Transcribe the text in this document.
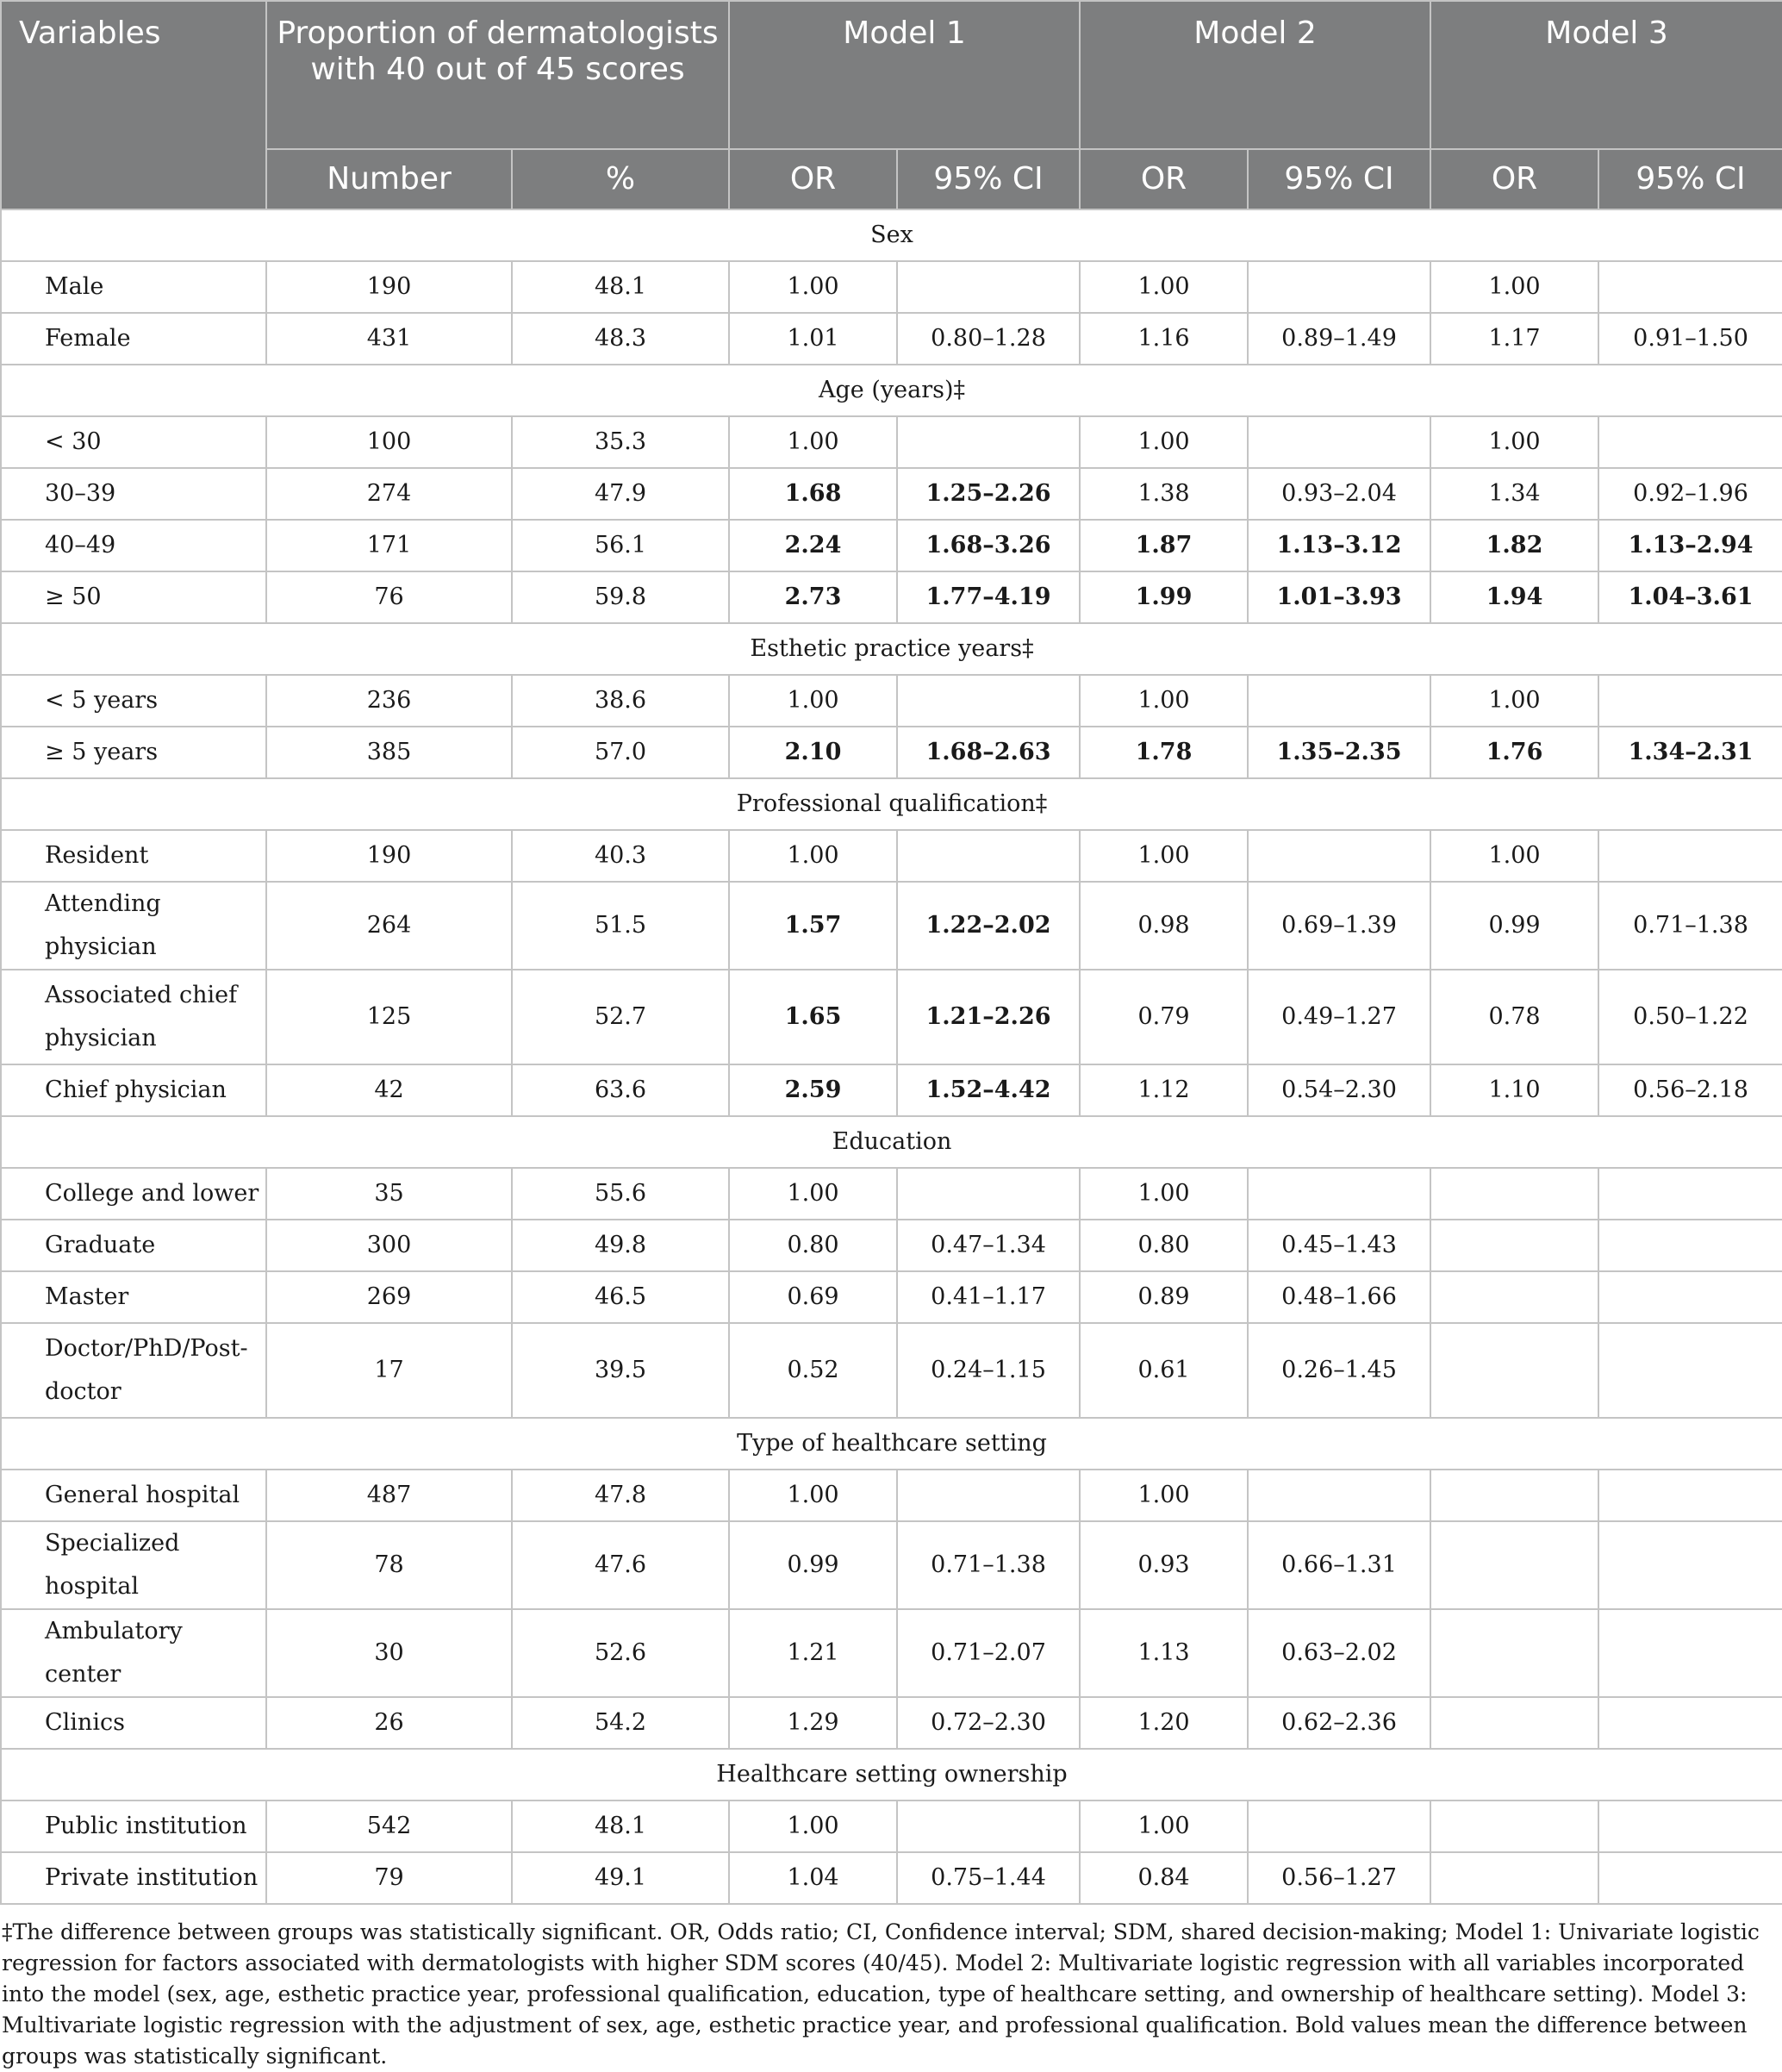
Variables	Proportion of dermatologists with 40 out of 45 scores		Model 1		Model 2		Model 3	
	Number	%	OR	95% CI	OR	95% CI	OR	95% CI
Sex								
Male	190	48.1	1.00		1.00		1.00	
Female	431	48.3	1.01	0.80–1.28	1.16	0.89–1.49	1.17	0.91–1.50
Age (years)‡								
< 30	100	35.3	1.00		1.00		1.00	
30–39	274	47.9	1.68	1.25–2.26	1.38	0.93–2.04	1.34	0.92–1.96
40–49	171	56.1	2.24	1.68–3.26	1.87	1.13–3.12	1.82	1.13–2.94
≥ 50	76	59.8	2.73	1.77–4.19	1.99	1.01–3.93	1.94	1.04–3.61
Esthetic practice years‡								
< 5 years	236	38.6	1.00		1.00		1.00	
≥ 5 years	385	57.0	2.10	1.68–2.63	1.78	1.35–2.35	1.76	1.34–2.31
Professional qualification‡								
Resident	190	40.3	1.00		1.00		1.00	
Attending physician	264	51.5	1.57	1.22–2.02	0.98	0.69–1.39	0.99	0.71–1.38
Associated chief physician	125	52.7	1.65	1.21–2.26	0.79	0.49–1.27	0.78	0.50–1.22
Chief physician	42	63.6	2.59	1.52–4.42	1.12	0.54–2.30	1.10	0.56–2.18
Education								
College and lower	35	55.6	1.00		1.00			
Graduate	300	49.8	0.80	0.47–1.34	0.80	0.45–1.43		
Master	269	46.5	0.69	0.41–1.17	0.89	0.48–1.66		
Doctor/PhD/Post-doctor	17	39.5	0.52	0.24–1.15	0.61	0.26–1.45		
Type of healthcare setting								
General hospital	487	47.8	1.00		1.00			
Specialized hospital	78	47.6	0.99	0.71–1.38	0.93	0.66–1.31		
Ambulatory center	30	52.6	1.21	0.71–2.07	1.13	0.63–2.02		
Clinics	26	54.2	1.29	0.72–2.30	1.20	0.62–2.36		
Healthcare setting ownership								
Public institution	542	48.1	1.00		1.00			
Private institution	79	49.1	1.04	0.75–1.44	0.84	0.56–1.27		
‡The difference between groups was statistically significant. OR, Odds ratio; CI, Confidence interval; SDM, shared decision-making; Model 1: Univariate logistic regression for factors associated with dermatologists with higher SDM scores (40/45). Model 2: Multivariate logistic regression with all variables incorporated into the model (sex, age, esthetic practice year, professional qualification, education, type of healthcare setting, and ownership of healthcare setting). Model 3: Multivariate logistic regression with the adjustment of sex, age, esthetic practice year, and professional qualification. Bold values mean the difference between groups was statistically significant.
